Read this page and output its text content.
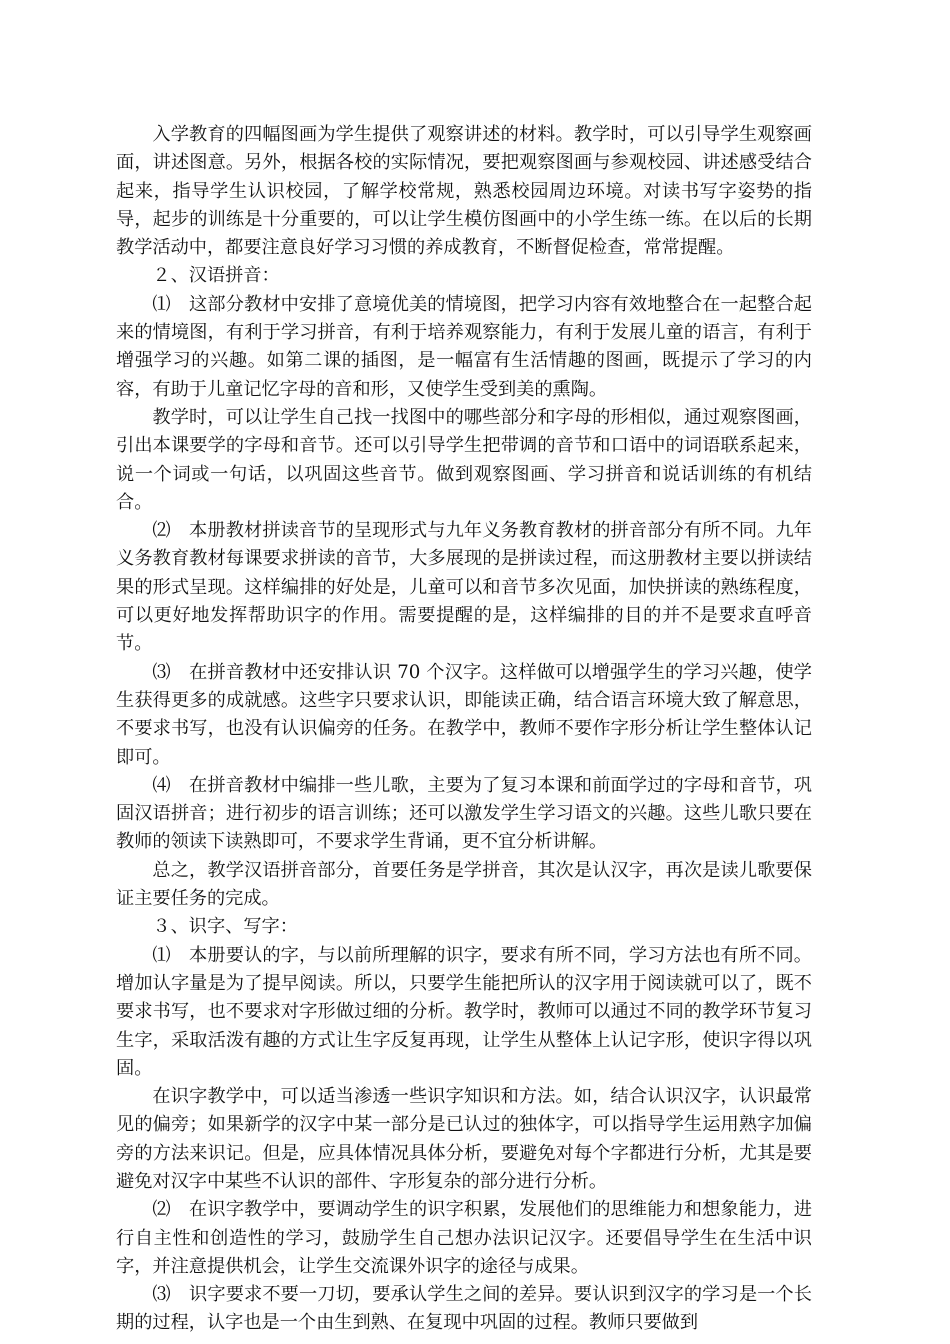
入学教育的四幅图画为学生提供了观察讲述的材料。教学时，可以引导学生观察画面，讲述图意。另外，根据各校的实际情况，要把观察图画与参观校园、讲述感受结合起来，指导学生认识校园，了解学校常规，熟悉校园周边环境。对读书写字姿势的指导，起步的训练是十分重要的，可以让学生模仿图画中的小学生练一练。在以后的长期教学活动中，都要注意良好学习习惯的养成教育，不断督促检查，常常提醒。

２、汉语拼音：

⑴　这部分教材中安排了意境优美的情境图，把学习内容有效地整合在一起整合起来的情境图，有利于学习拼音，有利于培养观察能力，有利于发展儿童的语言，有利于增强学习的兴趣。如第二课的插图，是一幅富有生活情趣的图画，既提示了学习的内容，有助于儿童记忆字母的音和形，又使学生受到美的熏陶。

教学时，可以让学生自己找一找图中的哪些部分和字母的形相似，通过观察图画，引出本课要学的字母和音节。还可以引导学生把带调的音节和口语中的词语联系起来，说一个词或一句话，以巩固这些音节。做到观察图画、学习拼音和说话训练的有机结合。

⑵　本册教材拼读音节的呈现形式与九年义务教育教材的拼音部分有所不同。九年义务教育教材每课要求拼读的音节，大多展现的是拼读过程，而这册教材主要以拼读结果的形式呈现。这样编排的好处是，儿童可以和音节多次见面，加快拼读的熟练程度，可以更好地发挥帮助识字的作用。需要提醒的是，这样编排的目的并不是要求直呼音节。

⑶　在拼音教材中还安排认识 70 个汉字。这样做可以增强学生的学习兴趣，使学生获得更多的成就感。这些字只要求认识，即能读正确，结合语言环境大致了解意思，不要求书写，也没有认识偏旁的任务。在教学中，教师不要作字形分析让学生整体认记即可。

⑷　在拼音教材中编排一些儿歌，主要为了复习本课和前面学过的字母和音节，巩固汉语拼音；进行初步的语言训练；还可以激发学生学习语文的兴趣。这些儿歌只要在教师的领读下读熟即可，不要求学生背诵，更不宜分析讲解。

总之，教学汉语拼音部分，首要任务是学拼音，其次是认汉字，再次是读儿歌要保证主要任务的完成。

３、识字、写字：

⑴　本册要认的字，与以前所理解的识字，要求有所不同，学习方法也有所不同。增加认字量是为了提早阅读。所以，只要学生能把所认的汉字用于阅读就可以了，既不要求书写，也不要求对字形做过细的分析。教学时，教师可以通过不同的教学环节复习生字，采取活泼有趣的方式让生字反复再现，让学生从整体上认记字形，使识字得以巩固。

在识字教学中，可以适当渗透一些识字知识和方法。如，结合认识汉字，认识最常见的偏旁；如果新学的汉字中某一部分是已认过的独体字，可以指导学生运用熟字加偏旁的方法来识记。但是，应具体情况具体分析，要避免对每个字都进行分析，尤其是要避免对汉字中某些不认识的部件、字形复杂的部分进行分析。

⑵　在识字教学中，要调动学生的识字积累，发展他们的思维能力和想象能力，进行自主性和创造性的学习，鼓励学生自己想办法识记汉字。还要倡导学生在生活中识字，并注意提供机会，让学生交流课外识字的途径与成果。

⑶　识字要求不要一刀切，要承认学生之间的差异。要认识到汉字的学习是一个长期的过程，认字也是一个由生到熟、在复现中巩固的过程。教师只要做到
